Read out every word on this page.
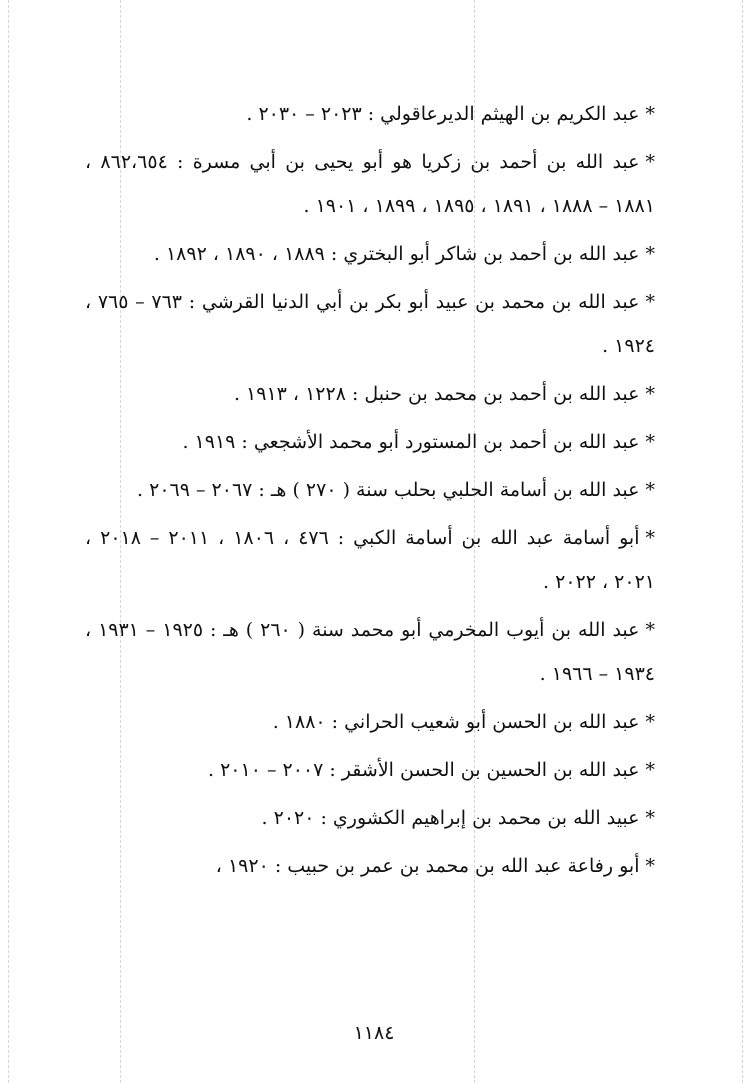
*عبد الكريم بن الهيثم الديرعاقولي : ٢٠٢٣ – ٢٠٣٠ .

*عبد الله بن أحمد بن زكريا هو أبو يحيى بن أبي مسرة : ٨٦٢،٦٥٤ ، ١٨٨١ – ١٨٨٨ ، ١٨٩١ ، ١٨٩٥ ، ١٨٩٩ ، ١٩٠١ .

*عبد الله بن أحمد بن شاكر أبو البختري : ١٨٨٩ ، ١٨٩٠ ، ١٨٩٢ .

*عبد الله بن محمد بن عبيد أبو بكر بن أبي الدنيا القرشي : ٧٦٣ – ٧٦٥ ، ١٩٢٤ .

*عبد الله بن أحمد بن محمد بن حنبل : ١٢٢٨ ، ١٩١٣ .

*عبد الله بن أحمد بن المستورد أبو محمد الأشجعي : ١٩١٩ .

*عبد الله بن أسامة الحلبي بحلب سنة ( ٢٧٠ ) هـ : ٢٠٦٧ – ٢٠٦٩ .

*أبو أسامة عبد الله بن أسامة الكبي : ٤٧٦ ، ١٨٠٦ ، ٢٠١١ – ٢٠١٨ ، ٢٠٢١ ، ٢٠٢٢ .

*عبد الله بن أيوب المخرمي أبو محمد سنة ( ٢٦٠ ) هـ : ١٩٢٥ – ١٩٣١ ، ١٩٣٤ – ١٩٦٦ .

*عبد الله بن الحسن أبو شعيب الحراني : ١٨٨٠ .

*عبد الله بن الحسين بن الحسن الأشقر : ٢٠٠٧ – ٢٠١٠ .

*عبيد الله بن محمد بن إبراهيم الكشوري : ٢٠٢٠ .

*أبو رفاعة عبد الله بن محمد بن عمر بن حبيب : ١٩٢٠ ،

١١٨٤
